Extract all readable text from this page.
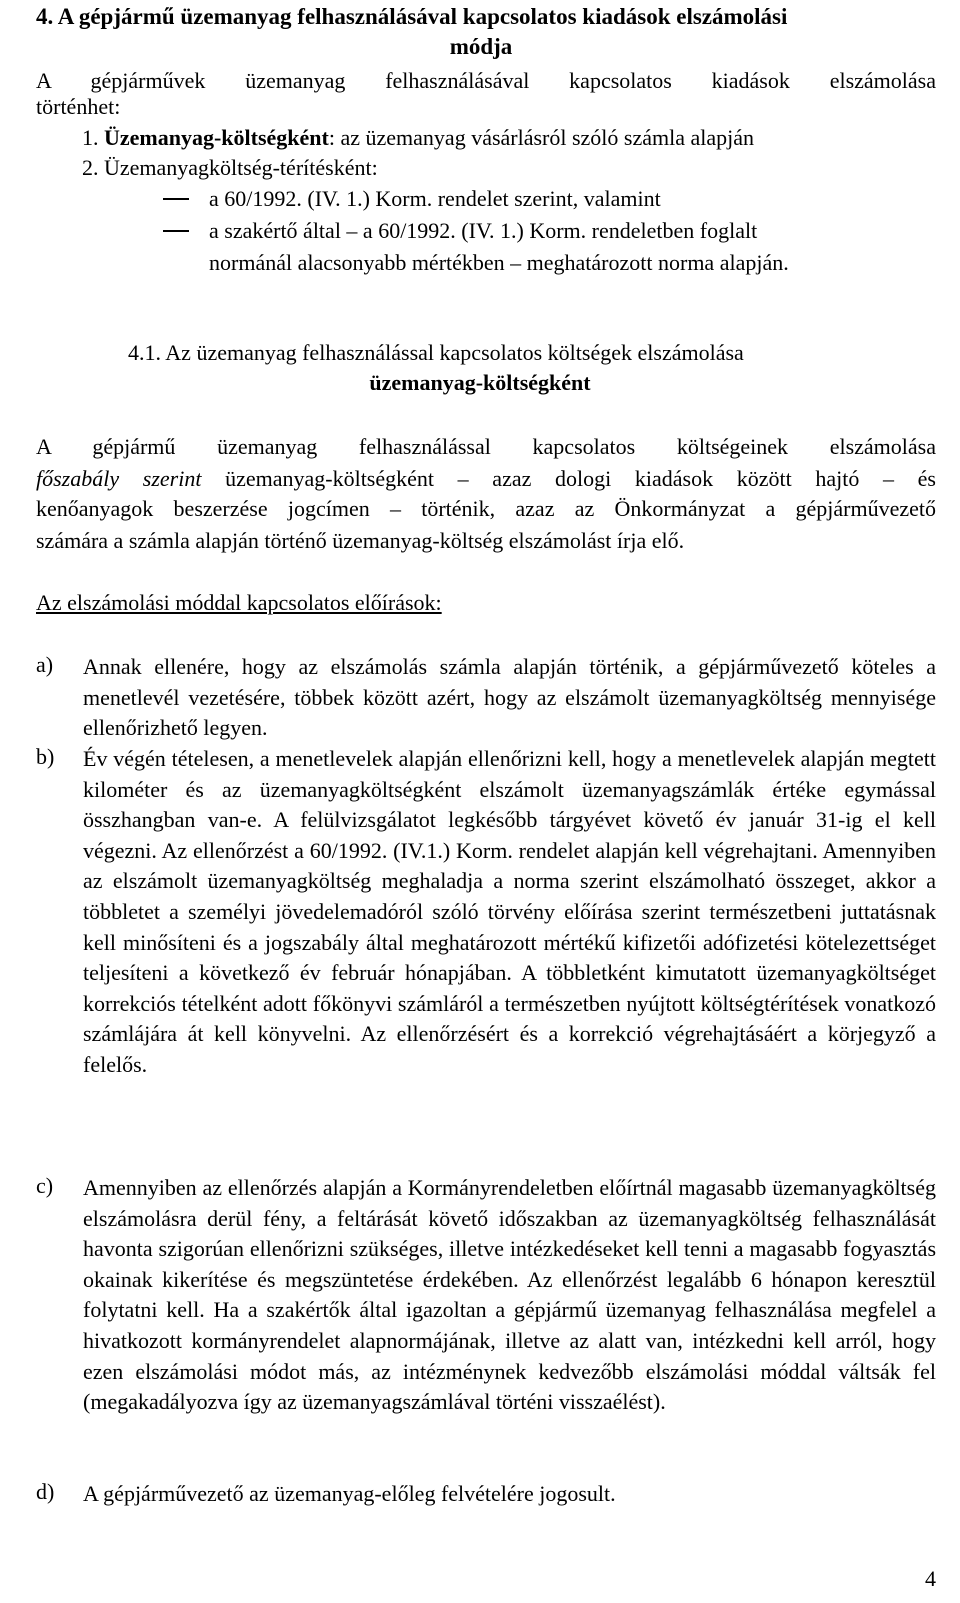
4. A gépjármű üzemanyag felhasználásával kapcsolatos kiadások elszámolási
módja
A gépjárművek üzemanyag felhasználásával kapcsolatos kiadások elszámolása
történhet:
1. Üzemanyag-költségként: az üzemanyag vásárlásról szóló számla alapján
2. Üzemanyagköltség-térítésként:
a 60/1992. (IV. 1.) Korm. rendelet szerint, valamint
a szakértő által – a 60/1992. (IV. 1.) Korm. rendeletben foglalt
normánál alacsonyabb mértékben – meghatározott norma alapján.
4.1. Az üzemanyag felhasználással kapcsolatos költségek elszámolása
üzemanyag-költségként
A gépjármű üzemanyag felhasználással kapcsolatos költségeinek elszámolása
főszabály szerint üzemanyag-költségként – azaz dologi kiadások között hajtó – és
kenőanyagok beszerzése jogcímen – történik, azaz az Önkormányzat a gépjárművezető
számára a számla alapján történő üzemanyag-költség elszámolást írja elő.
Az elszámolási móddal kapcsolatos előírások:
a) Annak ellenére, hogy az elszámolás számla alapján történik, a gépjárművezető köteles a menetlevél vezetésére, többek között azért, hogy az elszámolt üzemanyagköltség mennyisége ellenőrizhető legyen.
b) Év végén tételesen, a menetlevelek alapján ellenőrizni kell, hogy a menetlevelek alapján megtett kilométer és az üzemanyagköltségként elszámolt üzemanyagszámlák értéke egymással összhangban van-e. A felülvizsgálatot legkésőbb tárgyévet követő év január 31-ig el kell végezni. Az ellenőrzést a 60/1992. (IV.1.) Korm. rendelet alapján kell végrehajtani. Amennyiben az elszámolt üzemanyagköltség meghaladja a norma szerint elszámolható összeget, akkor a többletet a személyi jövedelemadóról szóló törvény előírása szerint természetbeni juttatásnak kell minősíteni és a jogszabály által meghatározott mértékű kifizetői adófizetési kötelezettséget teljesíteni a következő év február hónapjában. A többletként kimutatott üzemanyagköltséget korrekciós tételként adott főkönyvi számláról a természetben nyújtott költségtérítések vonatkozó számlájára át kell könyvelni. Az ellenőrzésért és a korrekció végrehajtásáért a körjegyző a felelős.
c) Amennyiben az ellenőrzés alapján a Kormányrendeletben előírtnál magasabb üzemanyagköltség elszámolásra derül fény, a feltárását követő időszakban az üzemanyagköltség felhasználását havonta szigorúan ellenőrizni szükséges, illetve intézkedéseket kell tenni a magasabb fogyasztás okainak kikerítése és megszüntetése érdekében. Az ellenőrzést legalább 6 hónapon keresztül folytatni kell. Ha a szakértők által igazoltan a gépjármű üzemanyag felhasználása megfelel a hivatkozott kormányrendelet alapnormájának, illetve az alatt van, intézkedni kell arról, hogy ezen elszámolási módot más, az intézménynek kedvezőbb elszámolási móddal váltsák fel (megakadályozva így az üzemanyagszámlával történi visszaélést).
d) A gépjárművezető az üzemanyag-előleg felvételére jogosult.
4
